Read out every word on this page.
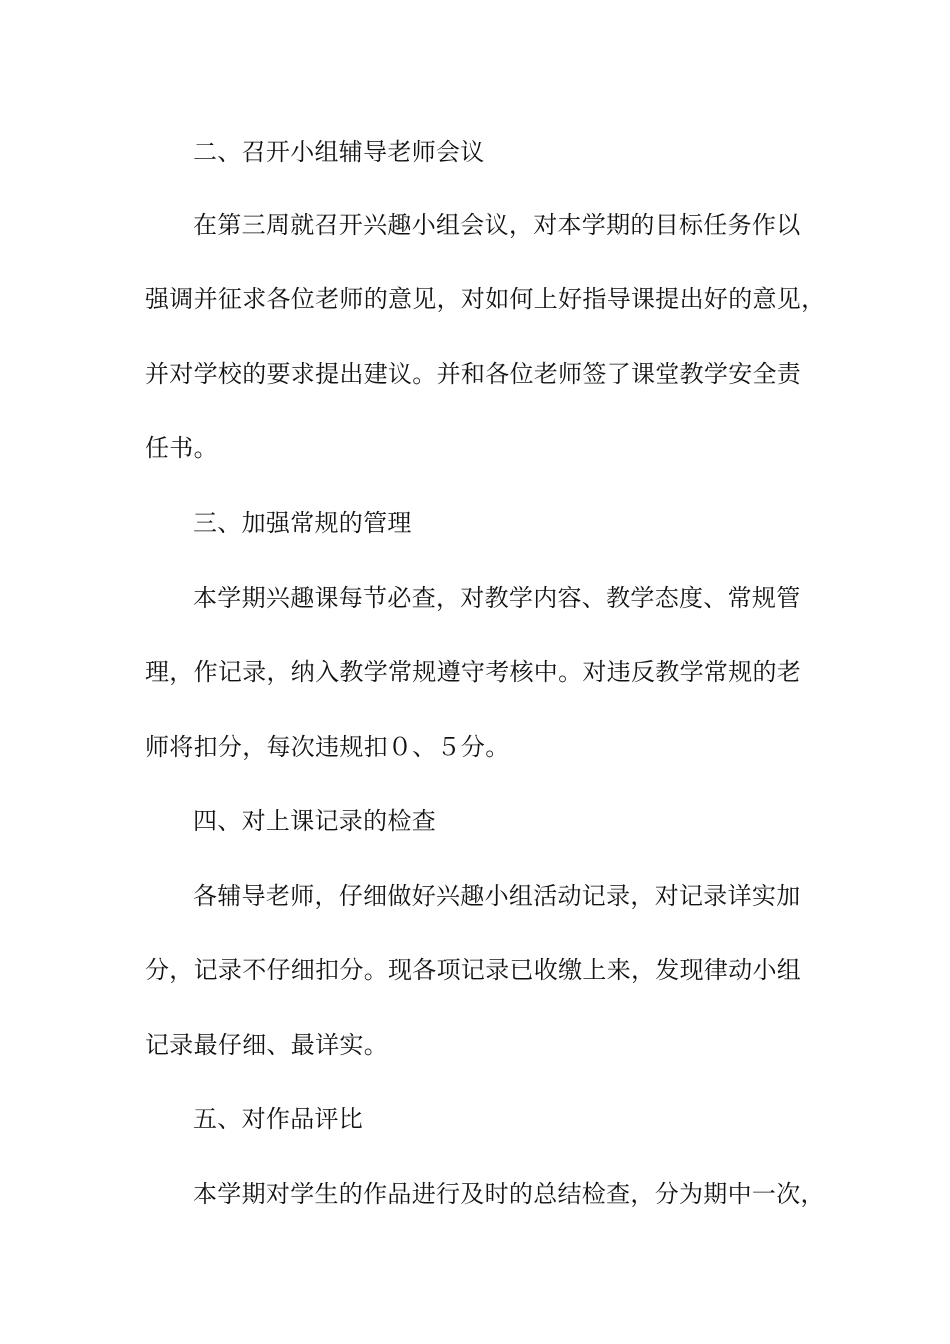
二、召开小组辅导老师会议

在第三周就召开兴趣小组会议，对本学期的目标任务作以

强调并征求各位老师的意见，对如何上好指导课提出好的意见，

并对学校的要求提出建议。并和各位老师签了课堂教学安全责

任书。

三、加强常规的管理

本学期兴趣课每节必查，对教学内容、教学态度、常规管

理，作记录，纳入教学常规遵守考核中。对违反教学常规的老

师将扣分，每次违规扣０、５分。

四、对上课记录的检查

各辅导老师，仔细做好兴趣小组活动记录，对记录详实加

分，记录不仔细扣分。现各项记录已收缴上来，发现律动小组

记录最仔细、最详实。

五、对作品评比

本学期对学生的作品进行及时的总结检查，分为期中一次，
